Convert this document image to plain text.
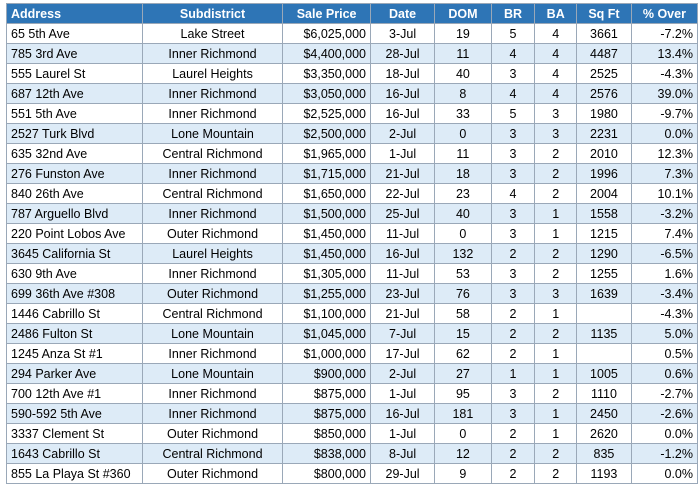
Address	Subdistrict	Sale Price	Date	DOM	BR	BA	Sq Ft	% Over
65 5th Ave	Lake Street	$6,025,000	3-Jul	19	5	4	3661	-7.2%
785 3rd Ave	Inner Richmond	$4,400,000	28-Jul	11	4	4	4487	13.4%
555 Laurel St	Laurel Heights	$3,350,000	18-Jul	40	3	4	2525	-4.3%
687 12th Ave	Inner Richmond	$3,050,000	16-Jul	8	4	4	2576	39.0%
551 5th Ave	Inner Richmond	$2,525,000	16-Jul	33	5	3	1980	-9.7%
2527 Turk Blvd	Lone Mountain	$2,500,000	2-Jul	0	3	3	2231	0.0%
635 32nd Ave	Central Richmond	$1,965,000	1-Jul	11	3	2	2010	12.3%
276 Funston Ave	Inner Richmond	$1,715,000	21-Jul	18	3	2	1996	7.3%
840 26th Ave	Central Richmond	$1,650,000	22-Jul	23	4	2	2004	10.1%
787 Arguello Blvd	Inner Richmond	$1,500,000	25-Jul	40	3	1	1558	-3.2%
220 Point Lobos Ave	Outer Richmond	$1,450,000	11-Jul	0	3	1	1215	7.4%
3645 California St	Laurel Heights	$1,450,000	16-Jul	132	2	2	1290	-6.5%
630 9th Ave	Inner Richmond	$1,305,000	11-Jul	53	3	2	1255	1.6%
699 36th Ave #308	Outer Richmond	$1,255,000	23-Jul	76	3	3	1639	-3.4%
1446 Cabrillo St	Central Richmond	$1,100,000	21-Jul	58	2	1		-4.3%
2486 Fulton St	Lone Mountain	$1,045,000	7-Jul	15	2	2	1135	5.0%
1245 Anza St #1	Inner Richmond	$1,000,000	17-Jul	62	2	1		0.5%
294 Parker Ave	Lone Mountain	$900,000	2-Jul	27	1	1	1005	0.6%
700 12th Ave #1	Inner Richmond	$875,000	1-Jul	95	3	2	1110	-2.7%
590-592 5th Ave	Inner Richmond	$875,000	16-Jul	181	3	1	2450	-2.6%
3337 Clement St	Outer Richmond	$850,000	1-Jul	0	2	1	2620	0.0%
1643 Cabrillo St	Central Richmond	$838,000	8-Jul	12	2	2	835	-1.2%
855 La Playa St #360	Outer Richmond	$800,000	29-Jul	9	2	2	1193	0.0%
